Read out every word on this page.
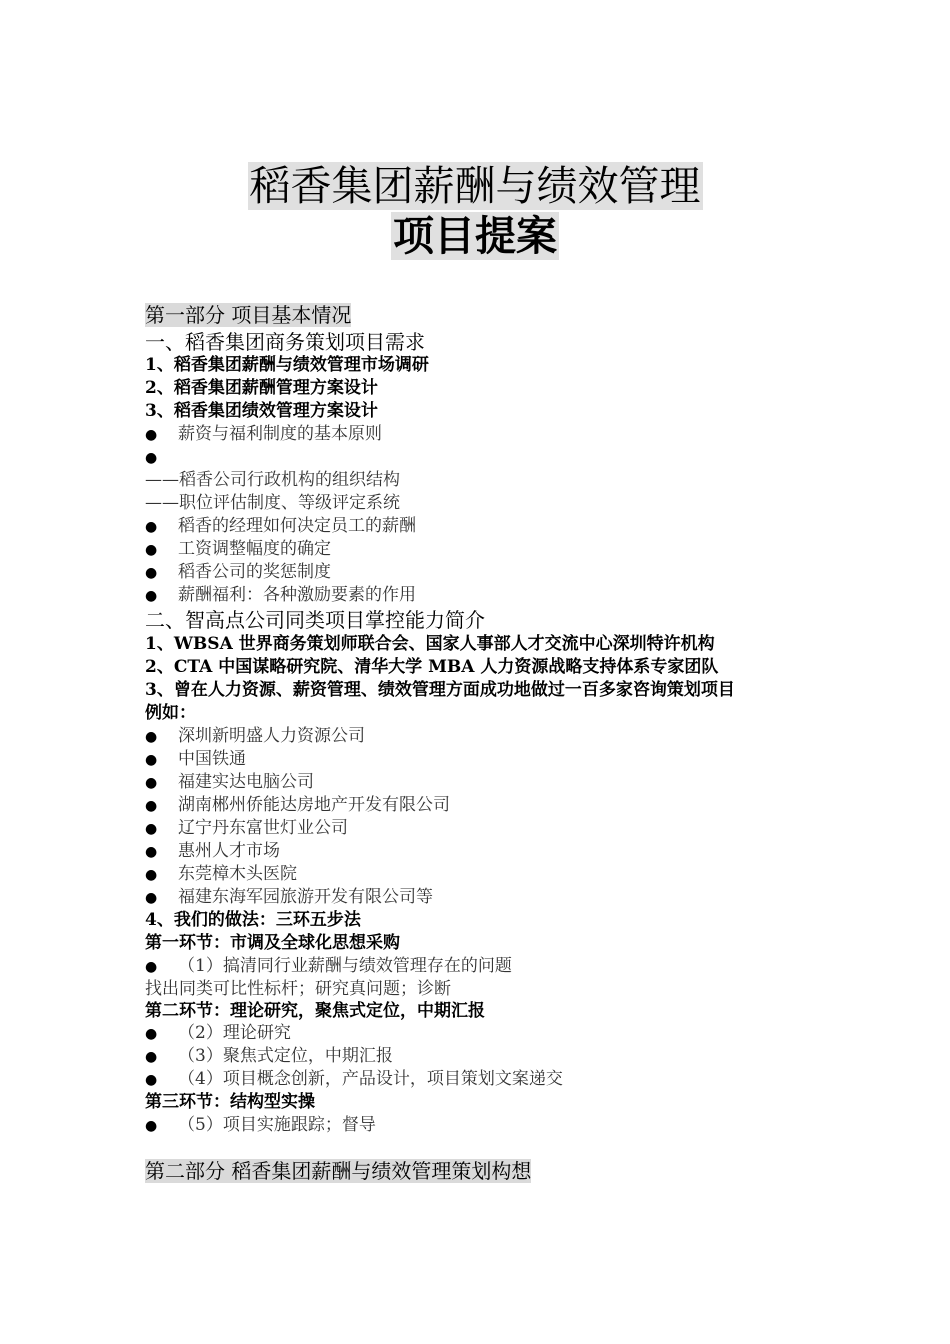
稻香集团薪酬与绩效管理
项目提案
第一部分 项目基本情况
一、稻香集团商务策划项目需求
1、稻香集团薪酬与绩效管理市场调研
2、稻香集团薪酬管理方案设计
3、稻香集团绩效管理方案设计
● 薪资与福利制度的基本原则
●
——稻香公司行政机构的组织结构
——职位评估制度、等级评定系统
● 稻香的经理如何决定员工的薪酬
● 工资调整幅度的确定
● 稻香公司的奖惩制度
● 薪酬福利：各种激励要素的作用
二、智高点公司同类项目掌控能力简介
1、WBSA 世界商务策划师联合会、国家人事部人才交流中心深圳特许机构
2、CTA 中国谋略研究院、清华大学 MBA 人力资源战略支持体系专家团队
3、曾在人力资源、薪资管理、绩效管理方面成功地做过一百多家咨询策划项目
例如：
● 深圳新明盛人力资源公司
● 中国铁通
● 福建实达电脑公司
● 湖南郴州侨能达房地产开发有限公司
● 辽宁丹东富世灯业公司
● 惠州人才市场
● 东莞樟木头医院
● 福建东海军园旅游开发有限公司等
4、我们的做法：三环五步法
第一环节：市调及全球化思想采购
● （1）搞清同行业薪酬与绩效管理存在的问题
找出同类可比性标杆；研究真问题；诊断
第二环节：理论研究，聚焦式定位，中期汇报
● （2）理论研究
● （3）聚焦式定位，中期汇报
● （4）项目概念创新，产品设计，项目策划文案递交
第三环节：结构型实操
● （5）项目实施跟踪；督导
第二部分 稻香集团薪酬与绩效管理策划构想
